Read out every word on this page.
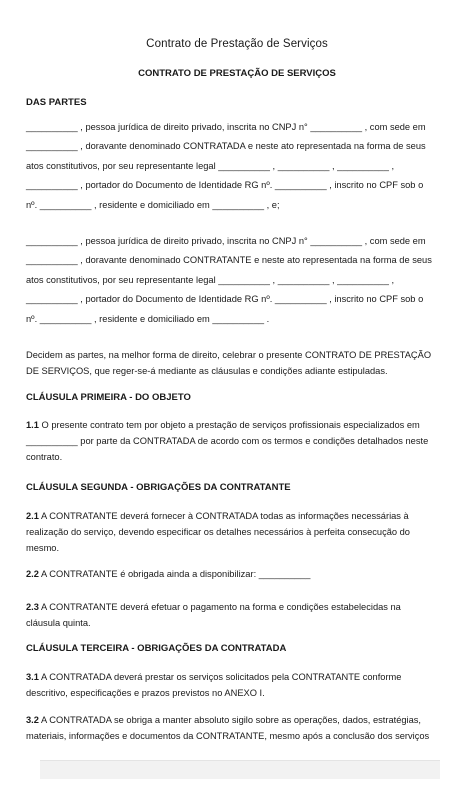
Contrato de Prestação de Serviços
CONTRATO DE PRESTAÇÃO DE SERVIÇOS
DAS PARTES

__________ , pessoa jurídica de direito privado, inscrita no CNPJ n° __________ , com sede em

__________ , doravante denominado CONTRATADA e neste ato representada na forma de seus

atos constitutivos, por seu representante legal __________ , __________ , __________ ,

__________ , portador do Documento de Identidade RG nº. __________ , inscrito no CPF sob o

nº. __________ , residente e domiciliado em __________ , e;

__________ , pessoa jurídica de direito privado, inscrita no CNPJ n° __________ , com sede em

__________ , doravante denominado CONTRATANTE e neste ato representada na forma de seus

atos constitutivos, por seu representante legal __________ , __________ , __________ ,

__________ , portador do Documento de Identidade RG nº. __________ , inscrito no CPF sob o

nº. __________ , residente e domiciliado em __________ .

Decidem as partes, na melhor forma de direito, celebrar o presente CONTRATO DE PRESTAÇÃO

DE SERVIÇOS, que reger-se-á mediante as cláusulas e condições adiante estipuladas.

CLÁUSULA PRIMEIRA - DO OBJETO

1.1 O presente contrato tem por objeto a prestação de serviços profissionais especializados em

__________ por parte da CONTRATADA de acordo com os termos e condições detalhados neste

contrato.

CLÁUSULA SEGUNDA - OBRIGAÇÕES DA CONTRATANTE

2.1 A CONTRATANTE deverá fornecer à CONTRATADA todas as informações necessárias à

realização do serviço, devendo especificar os detalhes necessários à perfeita consecução do

mesmo.

2.2 A CONTRATANTE é obrigada ainda a disponibilizar: __________

2.3 A CONTRATANTE deverá efetuar o pagamento na forma e condições estabelecidas na

cláusula quinta.

CLÁUSULA TERCEIRA - OBRIGAÇÕES DA CONTRATADA

3.1 A CONTRATADA deverá prestar os serviços solicitados pela CONTRATANTE conforme

descritivo, especificações e prazos previstos no ANEXO I.

3.2 A CONTRATADA se obriga a manter absoluto sigilo sobre as operações, dados, estratégias,

materiais, informações e documentos da CONTRATANTE, mesmo após a conclusão dos serviços
